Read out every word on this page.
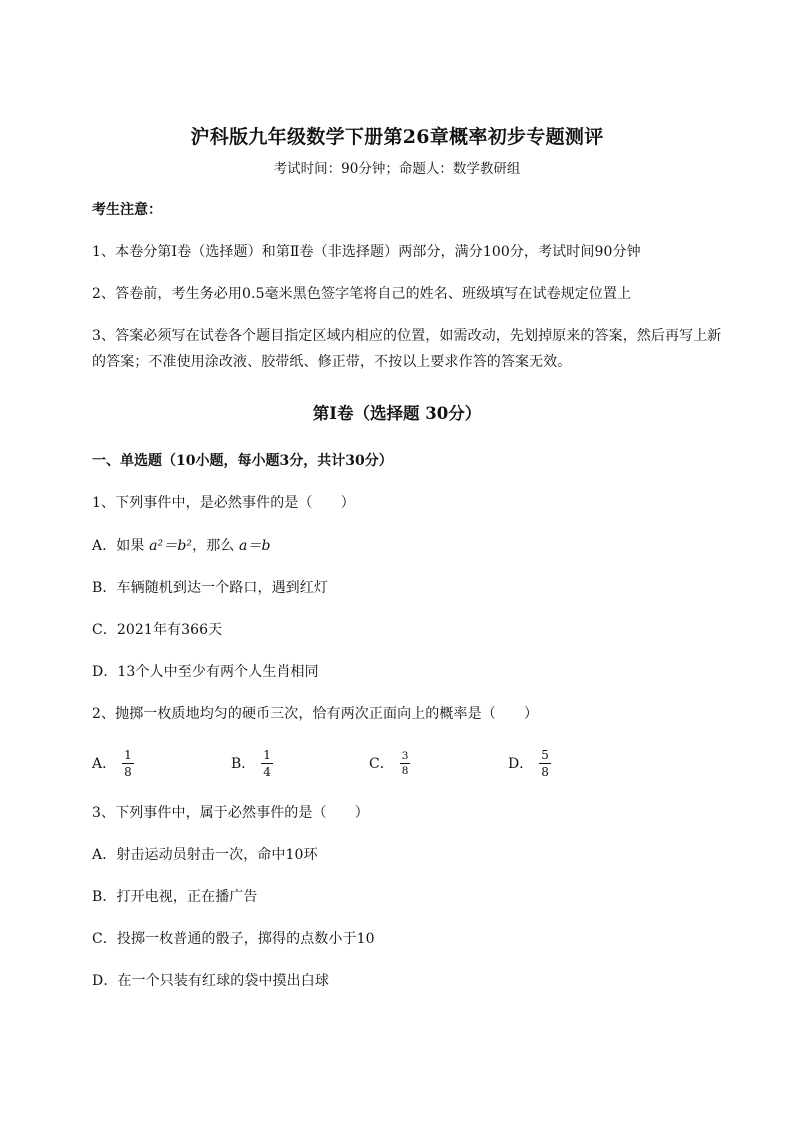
沪科版九年级数学下册第26章概率初步专题测评
考试时间：90分钟；命题人：数学教研组
考生注意：
1、本卷分第I卷（选择题）和第Ⅱ卷（非选择题）两部分，满分100分，考试时间90分钟
2、答卷前，考生务必用0.5毫米黑色签字笔将自己的姓名、班级填写在试卷规定位置上
3、答案必须写在试卷各个题目指定区域内相应的位置，如需改动，先划掉原来的答案，然后再写上新
的答案；不准使用涂改液、胶带纸、修正带，不按以上要求作答的答案无效。
第I卷（选择题 30分）
一、单选题（10小题，每小题3分，共计30分）
1、下列事件中，是必然事件的是（　　）
A．如果 a²＝b²，那么 a＝b
B．车辆随机到达一个路口，遇到红灯
C．2021年有366天
D．13个人中至少有两个人生肖相同
2、抛掷一枚质地均匀的硬币三次，恰有两次正面向上的概率是（　　）
A． $\frac{1}{8}$	B． $\frac{1}{4}$	C． $\frac{3}{8}$	D． $\frac{5}{8}$
3、下列事件中，属于必然事件的是（　　）
A．射击运动员射击一次，命中10环
B．打开电视，正在播广告
C．投掷一枚普通的骰子，掷得的点数小于10
D．在一个只装有红球的袋中摸出白球
